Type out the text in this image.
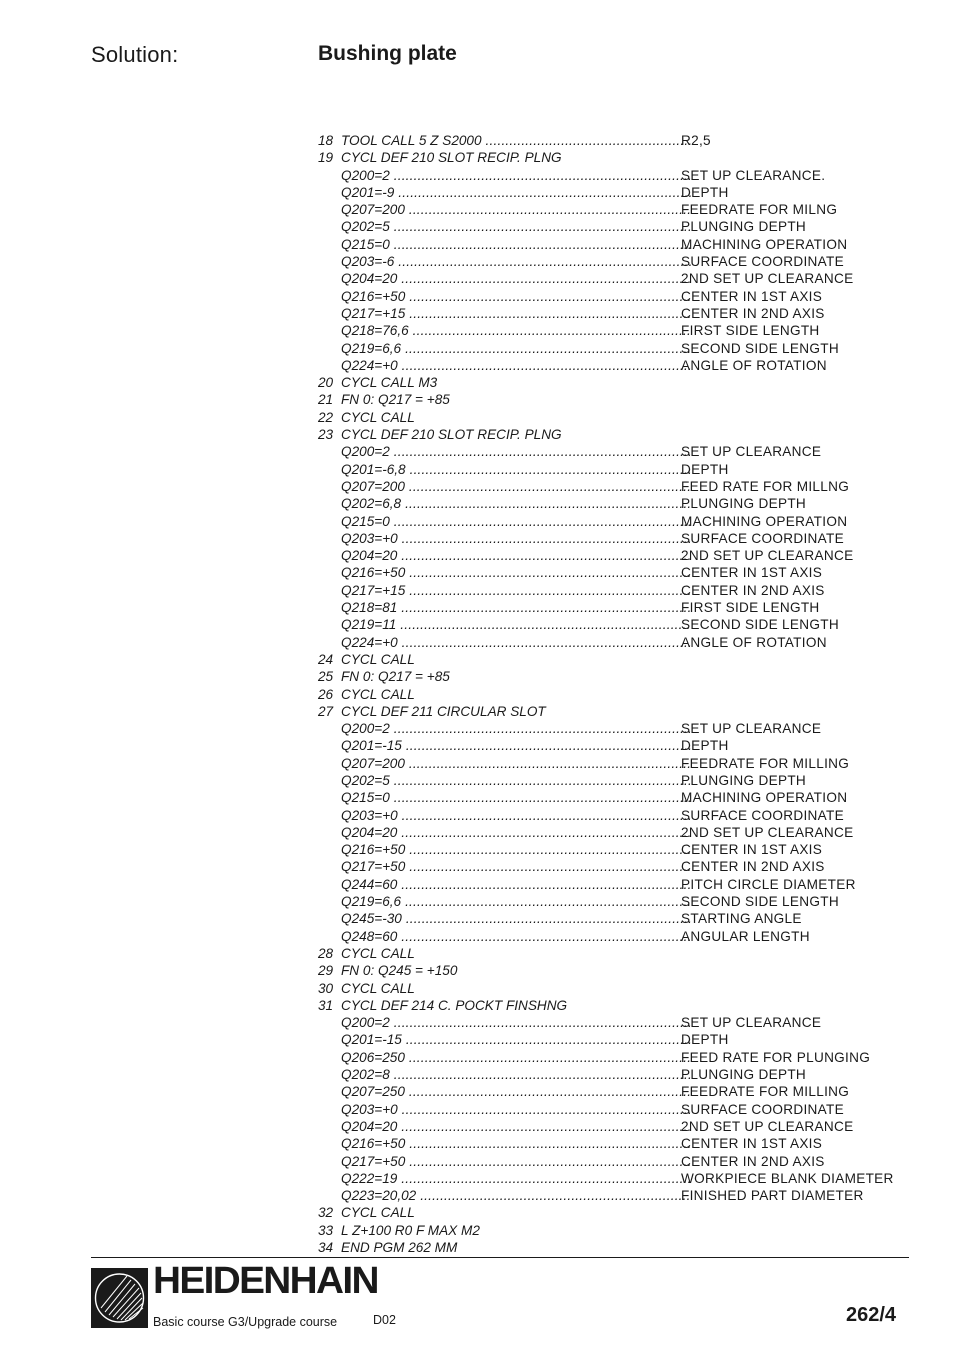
Solution:	Bushing plate
18 TOOL CALL 5 Z S2000 .....	R2,5
19 CYCL DEF 210 SLOT RECIP. PLNG
Q200=2 .....	SET UP CLEARANCE.
Q201=-9 .....	DEPTH
Q207=200 .....	FEEDRATE FOR MILNG
Q202=5 .....	PLUNGING DEPTH
Q215=0 .....	MACHINING OPERATION
Q203=-6 .....	SURFACE COORDINATE
Q204=20 .....	2ND SET UP CLEARANCE
Q216=+50 .....	CENTER IN 1ST AXIS
Q217=+15 .....	CENTER IN 2ND AXIS
Q218=76,6 .....	FIRST SIDE LENGTH
Q219=6,6 .....	SECOND SIDE LENGTH
Q224=+0 .....	ANGLE OF ROTATION
20 CYCL CALL M3
21 FN 0: Q217 = +85
22 CYCL CALL
23 CYCL DEF 210 SLOT RECIP. PLNG
Q200=2 .....	SET UP CLEARANCE
Q201=-6,8 .....	DEPTH
Q207=200 .....	FEED RATE FOR MILLNG
Q202=6,8 .....	PLUNGING DEPTH
Q215=0 .....	MACHINING OPERATION
Q203=+0 .....	SURFACE COORDINATE
Q204=20 .....	2ND SET UP CLEARANCE
Q216=+50 .....	CENTER IN 1ST AXIS
Q217=+15 .....	CENTER IN 2ND AXIS
Q218=81 .....	FIRST SIDE LENGTH
Q219=11 .....	SECOND SIDE LENGTH
Q224=+0 .....	ANGLE OF ROTATION
24 CYCL CALL
25 FN 0: Q217 = +85
26 CYCL CALL
27 CYCL DEF 211 CIRCULAR SLOT
Q200=2 .....	SET UP CLEARANCE
Q201=-15 .....	DEPTH
Q207=200 .....	FEEDRATE FOR MILLING
Q202=5 .....	PLUNGING DEPTH
Q215=0 .....	MACHINING OPERATION
Q203=+0 .....	SURFACE COORDINATE
Q204=20 .....	2ND SET UP CLEARANCE
Q216=+50 .....	CENTER IN 1ST AXIS
Q217=+50 .....	CENTER IN 2ND AXIS
Q244=60 .....	PITCH CIRCLE DIAMETER
Q219=6,6 .....	SECOND SIDE LENGTH
Q245=-30 .....	STARTING ANGLE
Q248=60 .....	ANGULAR LENGTH
28 CYCL CALL
29 FN 0: Q245 = +150
30 CYCL CALL
31 CYCL DEF 214 C. POCKT FINSHNG
Q200=2 .....	SET UP CLEARANCE
Q201=-15 .....	DEPTH
Q206=250 .....	FEED RATE FOR PLUNGING
Q202=8 .....	PLUNGING DEPTH
Q207=250 .....	FEEDRATE FOR MILLING
Q203=+0 .....	SURFACE COORDINATE
Q204=20 .....	2ND SET UP CLEARANCE
Q216=+50 .....	CENTER IN 1ST AXIS
Q217=+50 .....	CENTER IN 2ND AXIS
Q222=19 .....	WORKPIECE BLANK DIAMETER
Q223=20,02 .....	FINISHED PART DIAMETER
32 CYCL CALL
33 L Z+100 R0 F MAX M2
34 END PGM 262 MM
HEIDENHAIN
Basic course G3/Upgrade course	D02	262/4
